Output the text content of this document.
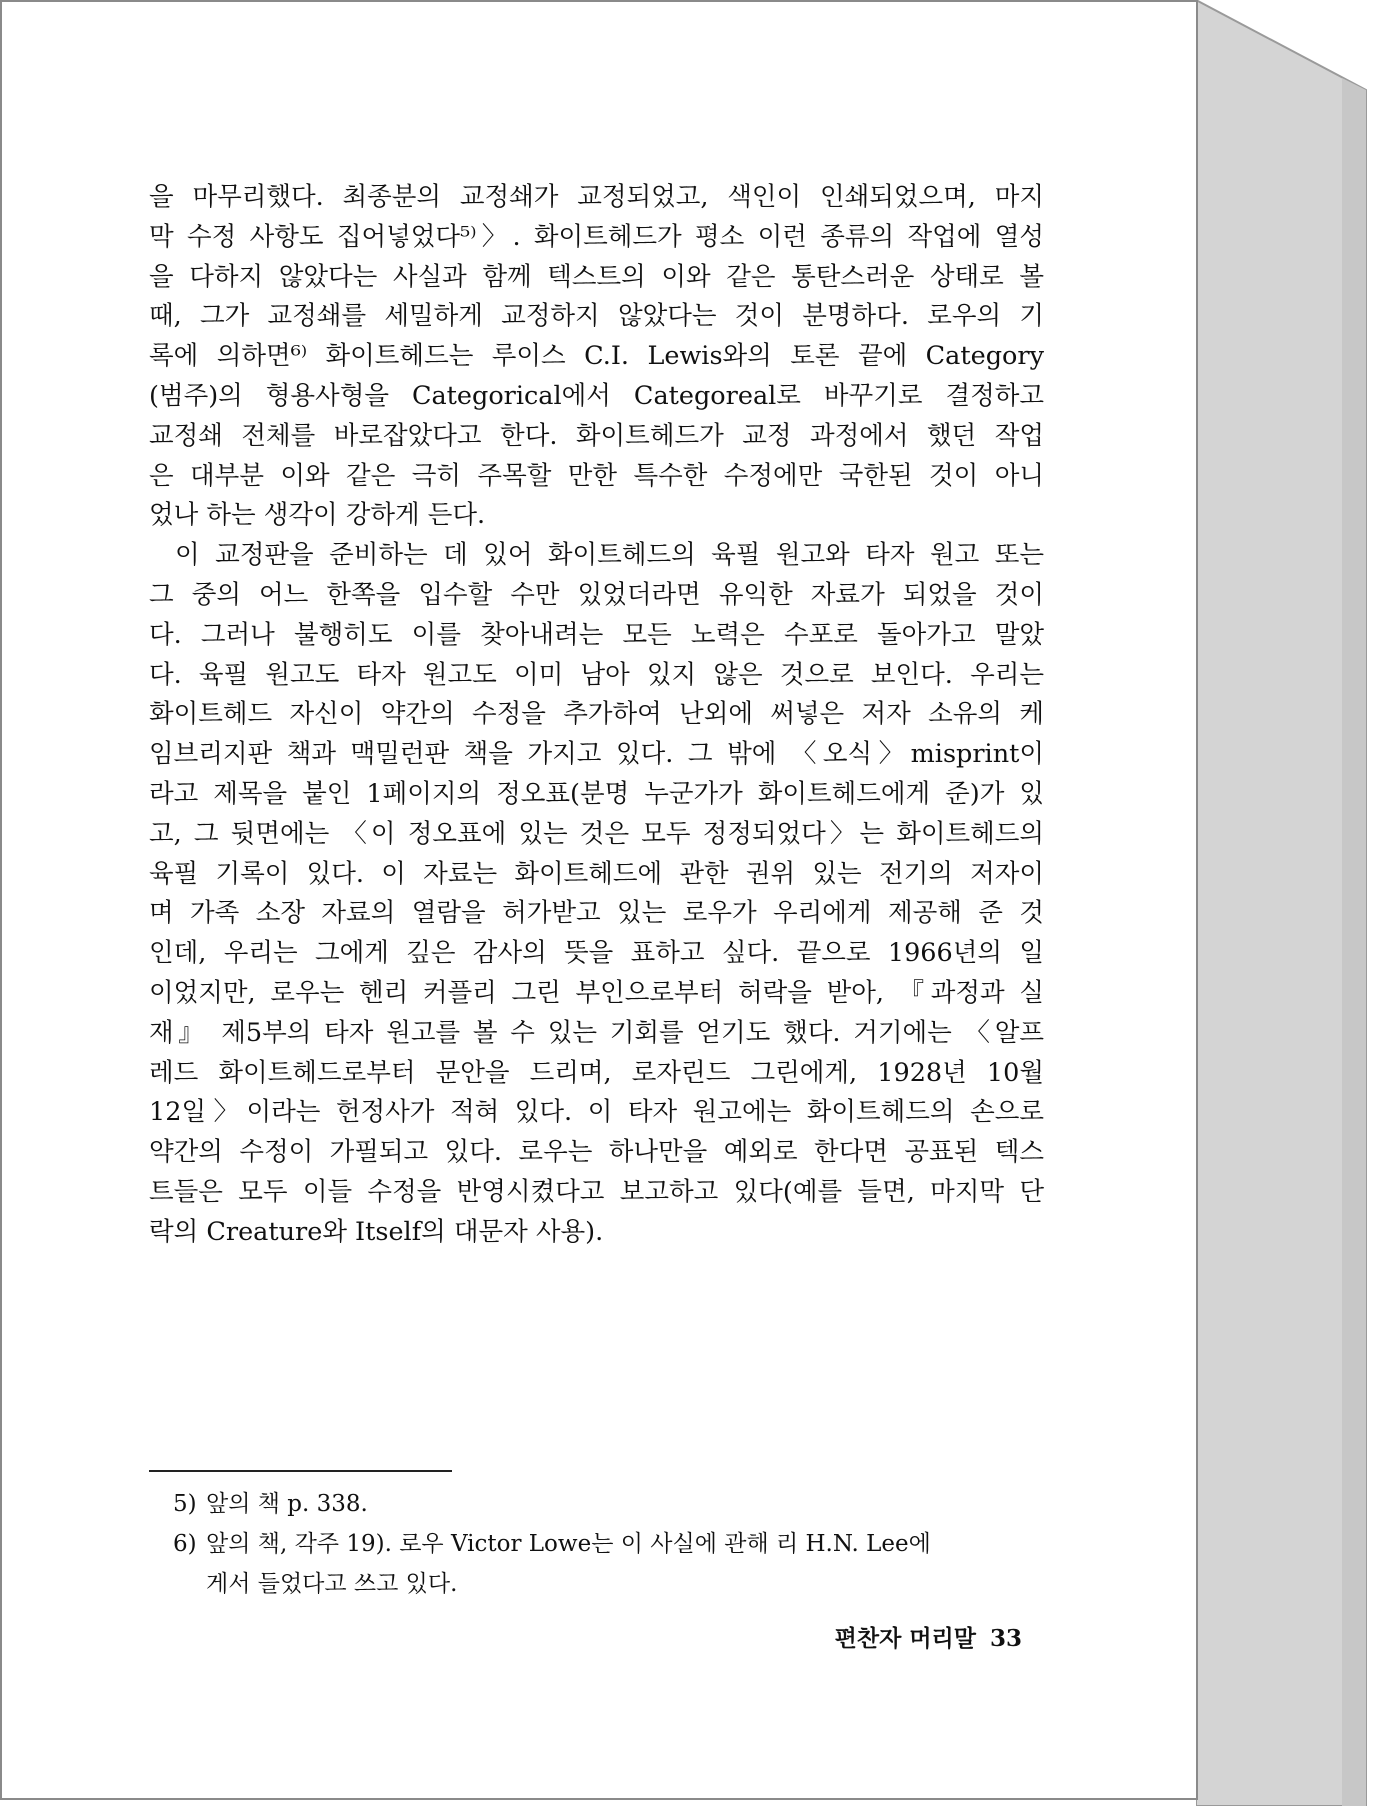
을 마무리했다. 최종분의 교정쇄가 교정되었고, 색인이 인쇄되었으며, 마지
막 수정 사항도 집어넣었다⁵⁾〉. 화이트헤드가 평소 이런 종류의 작업에 열성
을 다하지 않았다는 사실과 함께 텍스트의 이와 같은 통탄스러운 상태로 볼
때, 그가 교정쇄를 세밀하게 교정하지 않았다는 것이 분명하다. 로우의 기
록에 의하면⁶⁾ 화이트헤드는 루이스 C.I. Lewis와의 토론 끝에 Category
(범주)의 형용사형을 Categorical에서 Categoreal로 바꾸기로 결정하고
교정쇄 전체를 바로잡았다고 한다. 화이트헤드가 교정 과정에서 했던 작업
은 대부분 이와 같은 극히 주목할 만한 특수한 수정에만 국한된 것이 아니
었나 하는 생각이 강하게 든다.
이 교정판을 준비하는 데 있어 화이트헤드의 육필 원고와 타자 원고 또는
그 중의 어느 한쪽을 입수할 수만 있었더라면 유익한 자료가 되었을 것이
다. 그러나 불행히도 이를 찾아내려는 모든 노력은 수포로 돌아가고 말았
다. 육필 원고도 타자 원고도 이미 남아 있지 않은 것으로 보인다. 우리는
화이트헤드 자신이 약간의 수정을 추가하여 난외에 써넣은 저자 소유의 케
임브리지판 책과 맥밀런판 책을 가지고 있다. 그 밖에 〈오식〉misprint이
라고 제목을 붙인 1페이지의 정오표(분명 누군가가 화이트헤드에게 준)가 있
고, 그 뒷면에는 〈이 정오표에 있는 것은 모두 정정되었다〉는 화이트헤드의
육필 기록이 있다. 이 자료는 화이트헤드에 관한 권위 있는 전기의 저자이
며 가족 소장 자료의 열람을 허가받고 있는 로우가 우리에게 제공해 준 것
인데, 우리는 그에게 깊은 감사의 뜻을 표하고 싶다. 끝으로 1966년의 일
이었지만, 로우는 헨리 커플리 그린 부인으로부터 허락을 받아, 『과정과 실
재』 제5부의 타자 원고를 볼 수 있는 기회를 얻기도 했다. 거기에는 〈알프
레드 화이트헤드로부터 문안을 드리며, 로자린드 그린에게, 1928년 10월
12일〉이라는 헌정사가 적혀 있다. 이 타자 원고에는 화이트헤드의 손으로
약간의 수정이 가필되고 있다. 로우는 하나만을 예외로 한다면 공표된 텍스
트들은 모두 이들 수정을 반영시켰다고 보고하고 있다(예를 들면, 마지막 단
락의 Creature와 Itself의 대문자 사용).
5) 앞의 책 p. 338.
6) 앞의 책, 각주 19). 로우 Victor Lowe는 이 사실에 관해 리 H.N. Lee에
게서 들었다고 쓰고 있다.
편찬자 머리말 33
